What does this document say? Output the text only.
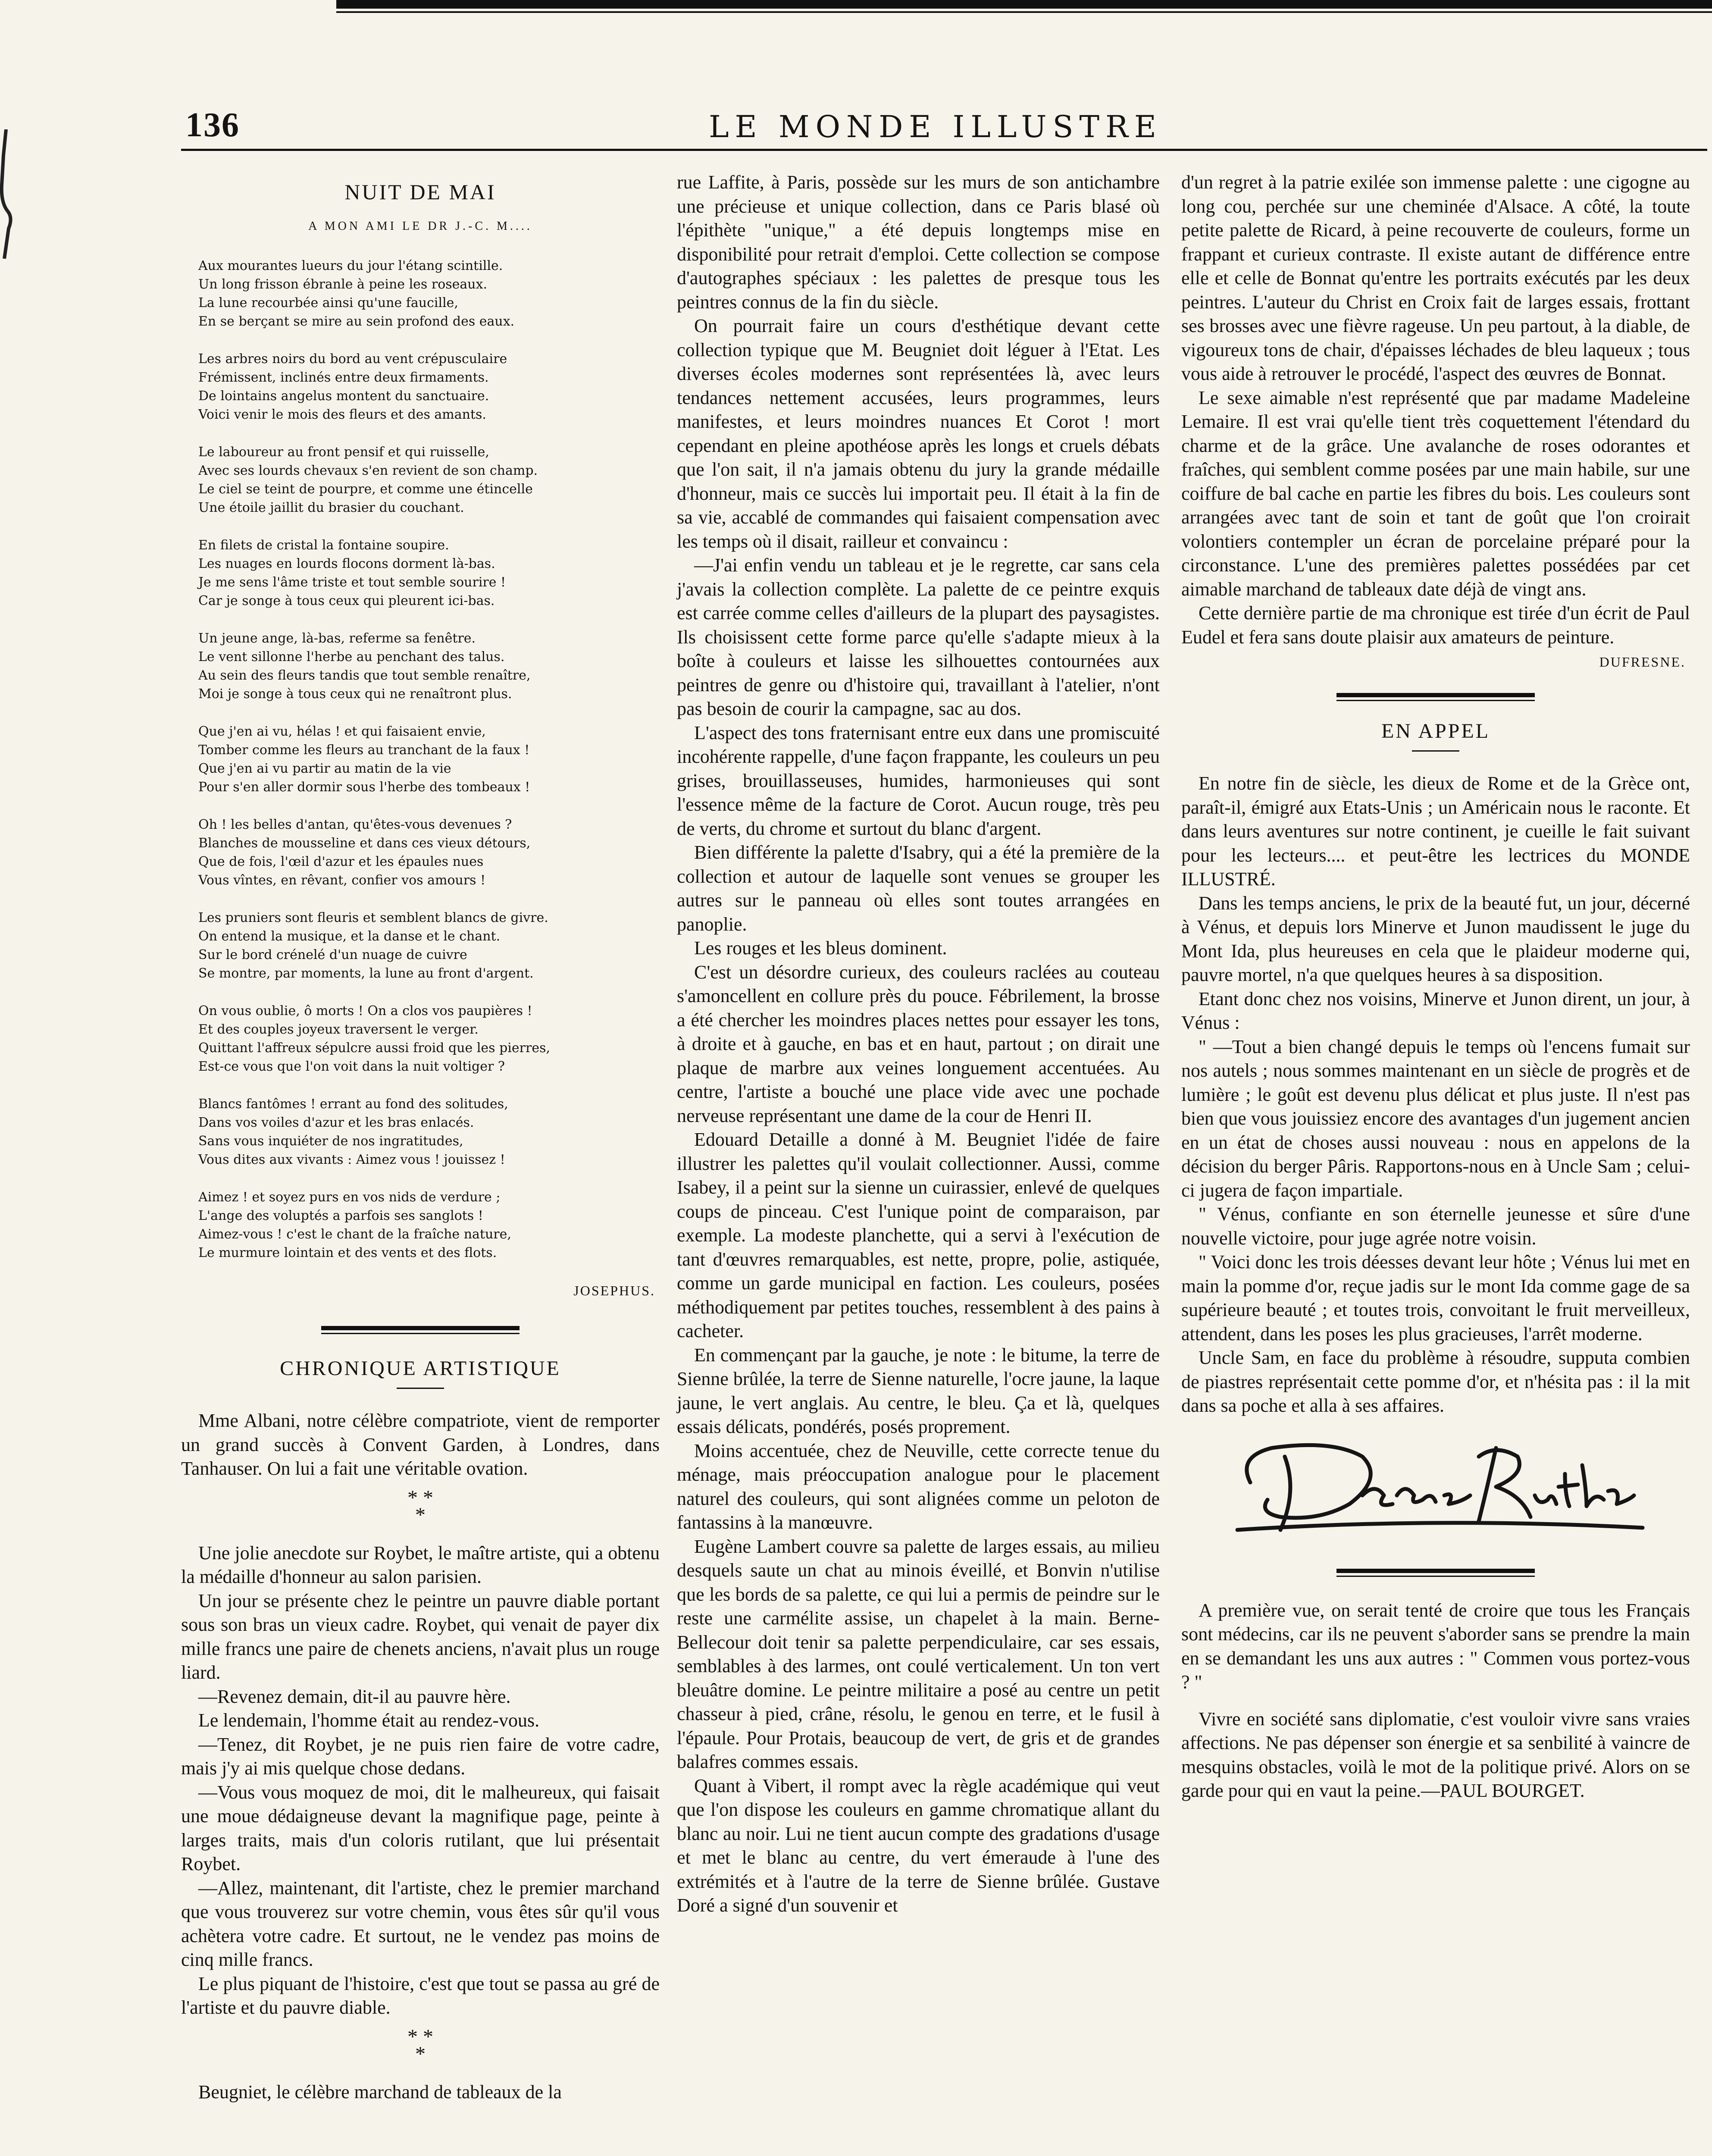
136	LE MONDE ILLUSTRE
NUIT DE MAI
A MON AMI LE DR J.-C. M....
Aux mourantes lueurs du jour l'étang scintille.
Un long frisson ébranle à peine les roseaux.
La lune recourbée ainsi qu'une faucille,
En se berçant se mire au sein profond des eaux.
Les arbres noirs du bord au vent crépusculaire
Frémissent, inclinés entre deux firmaments.
De lointains angelus montent du sanctuaire.
Voici venir le mois des fleurs et des amants.
Le laboureur au front pensif et qui ruisselle,
Avec ses lourds chevaux s'en revient de son champ.
Le ciel se teint de pourpre, et comme une étincelle
Une étoile jaillit du brasier du couchant.
En filets de cristal la fontaine soupire.
Les nuages en lourds flocons dorment là-bas.
Je me sens l'âme triste et tout semble sourire !
Car je songe à tous ceux qui pleurent ici-bas.
Un jeune ange, là-bas, referme sa fenêtre.
Le vent sillonne l'herbe au penchant des talus.
Au sein des fleurs tandis que tout semble renaître,
Moi je songe à tous ceux qui ne renaîtront plus.
Que j'en ai vu, hélas ! et qui faisaient envie,
Tomber comme les fleurs au tranchant de la faux !
Que j'en ai vu partir au matin de la vie
Pour s'en aller dormir sous l'herbe des tombeaux !
Oh ! les belles d'antan, qu'êtes-vous devenues ?
Blanches de mousseline et dans ces vieux détours,
Que de fois, l'œil d'azur et les épaules nues
Vous vîntes, en rêvant, confier vos amours !
Les pruniers sont fleuris et semblent blancs de givre.
On entend la musique, et la danse et le chant.
Sur le bord crénelé d'un nuage de cuivre
Se montre, par moments, la lune au front d'argent.
On vous oublie, ô morts ! On a clos vos paupières !
Et des couples joyeux traversent le verger.
Quittant l'affreux sépulcre aussi froid que les pierres,
Est-ce vous que l'on voit dans la nuit voltiger ?
Blancs fantômes ! errant au fond des solitudes,
Dans vos voiles d'azur et les bras enlacés.
Sans vous inquiéter de nos ingratitudes,
Vous dites aux vivants : Aimez vous ! jouissez !
Aimez ! et soyez purs en vos nids de verdure ;
L'ange des voluptés a parfois ses sanglots !
Aimez-vous ! c'est le chant de la fraîche nature,
Le murmure lointain et des vents et des flots.
JOSEPHUS.
CHRONIQUE ARTISTIQUE

Mme Albani, notre célèbre compatriote, vient de remporter un grand succès à Convent Garden, à Londres, dans Tanhauser. On lui a fait une véritable ovation.

* *
*

Une jolie anecdote sur Roybet, le maître artiste, qui a obtenu la médaille d'honneur au salon parisien.

Un jour se présente chez le peintre un pauvre diable portant sous son bras un vieux cadre. Roybet, qui venait de payer dix mille francs une paire de chenets anciens, n'avait plus un rouge liard.

—Revenez demain, dit-il au pauvre hère.

Le lendemain, l'homme était au rendez-vous.

—Tenez, dit Roybet, je ne puis rien faire de votre cadre, mais j'y ai mis quelque chose dedans.

—Vous vous moquez de moi, dit le malheureux, qui faisait une moue dédaigneuse devant la magnifique page, peinte à larges traits, mais d'un coloris rutilant, que lui présentait Roybet.

—Allez, maintenant, dit l'artiste, chez le premier marchand que vous trouverez sur votre chemin, vous êtes sûr qu'il vous achètera votre cadre. Et surtout, ne le vendez pas moins de cinq mille francs.

Le plus piquant de l'histoire, c'est que tout se passa au gré de l'artiste et du pauvre diable.

* *
*

Beugniet, le célèbre marchand de tableaux de la

rue Laffite, à Paris, possède sur les murs de son antichambre une précieuse et unique collection, dans ce Paris blasé où l'épithète "unique," a été depuis longtemps mise en disponibilité pour retrait d'emploi. Cette collection se compose d'autographes spéciaux : les palettes de presque tous les peintres connus de la fin du siècle.

On pourrait faire un cours d'esthétique devant cette collection typique que M. Beugniet doit léguer à l'Etat. Les diverses écoles modernes sont représentées là, avec leurs tendances nettement accusées, leurs programmes, leurs manifestes, et leurs moindres nuances Et Corot ! mort cependant en pleine apothéose après les longs et cruels débats que l'on sait, il n'a jamais obtenu du jury la grande médaille d'honneur, mais ce succès lui importait peu. Il était à la fin de sa vie, accablé de commandes qui faisaient compensation avec les temps où il disait, railleur et convaincu :

—J'ai enfin vendu un tableau et je le regrette, car sans cela j'avais la collection complète. La palette de ce peintre exquis est carrée comme celles d'ailleurs de la plupart des paysagistes. Ils choisissent cette forme parce qu'elle s'adapte mieux à la boîte à couleurs et laisse les silhouettes contournées aux peintres de genre ou d'histoire qui, travaillant à l'atelier, n'ont pas besoin de courir la campagne, sac au dos.

L'aspect des tons fraternisant entre eux dans une promiscuité incohérente rappelle, d'une façon frappante, les couleurs un peu grises, brouillasseuses, humides, harmonieuses qui sont l'essence même de la facture de Corot. Aucun rouge, très peu de verts, du chrome et surtout du blanc d'argent.

Bien différente la palette d'Isabry, qui a été la première de la collection et autour de laquelle sont venues se grouper les autres sur le panneau où elles sont toutes arrangées en panoplie.

Les rouges et les bleus dominent.

C'est un désordre curieux, des couleurs raclées au couteau s'amoncellent en collure près du pouce. Fébrilement, la brosse a été chercher les moindres places nettes pour essayer les tons, à droite et à gauche, en bas et en haut, partout ; on dirait une plaque de marbre aux veines longuement accentuées. Au centre, l'artiste a bouché une place vide avec une pochade nerveuse représentant une dame de la cour de Henri II.

Edouard Detaille a donné à M. Beugniet l'idée de faire illustrer les palettes qu'il voulait collectionner. Aussi, comme Isabey, il a peint sur la sienne un cuirassier, enlevé de quelques coups de pinceau. C'est l'unique point de comparaison, par exemple. La modeste planchette, qui a servi à l'exécution de tant d'œuvres remarquables, est nette, propre, polie, astiquée, comme un garde municipal en faction. Les couleurs, posées méthodiquement par petites touches, ressemblent à des pains à cacheter.

En commençant par la gauche, je note : le bitume, la terre de Sienne brûlée, la terre de Sienne naturelle, l'ocre jaune, la laque jaune, le vert anglais. Au centre, le bleu. Ça et là, quelques essais délicats, pondérés, posés proprement.

Moins accentuée, chez de Neuville, cette correcte tenue du ménage, mais préoccupation analogue pour le placement naturel des couleurs, qui sont alignées comme un peloton de fantassins à la manœuvre.

Eugène Lambert couvre sa palette de larges essais, au milieu desquels saute un chat au minois éveillé, et Bonvin n'utilise que les bords de sa palette, ce qui lui a permis de peindre sur le reste une carmélite assise, un chapelet à la main. Berne-Bellecour doit tenir sa palette perpendiculaire, car ses essais, semblables à des larmes, ont coulé verticalement. Un ton vert bleuâtre domine. Le peintre militaire a posé au centre un petit chasseur à pied, crâne, résolu, le genou en terre, et le fusil à l'épaule. Pour Protais, beaucoup de vert, de gris et de grandes balafres commes essais.

Quant à Vibert, il rompt avec la règle académique qui veut que l'on dispose les couleurs en gamme chromatique allant du blanc au noir. Lui ne tient aucun compte des gradations d'usage et met le blanc au centre, du vert émeraude à l'une des extrémités et à l'autre de la terre de Sienne brûlée. Gustave Doré a signé d'un souvenir et

d'un regret à la patrie exilée son immense palette : une cigogne au long cou, perchée sur une cheminée d'Alsace. A côté, la toute petite palette de Ricard, à peine recouverte de couleurs, forme un frappant et curieux contraste. Il existe autant de différence entre elle et celle de Bonnat qu'entre les portraits exécutés par les deux peintres. L'auteur du Christ en Croix fait de larges essais, frottant ses brosses avec une fièvre rageuse. Un peu partout, à la diable, de vigoureux tons de chair, d'épaisses léchades de bleu laqueux ; tous vous aide à retrouver le procédé, l'aspect des œuvres de Bonnat.

Le sexe aimable n'est représenté que par madame Madeleine Lemaire. Il est vrai qu'elle tient très coquettement l'étendard du charme et de la grâce. Une avalanche de roses odorantes et fraîches, qui semblent comme posées par une main habile, sur une coiffure de bal cache en partie les fibres du bois. Les couleurs sont arrangées avec tant de soin et tant de goût que l'on croirait volontiers contempler un écran de porcelaine préparé pour la circonstance. L'une des premières palettes possédées par cet aimable marchand de tableaux date déjà de vingt ans.

Cette dernière partie de ma chronique est tirée d'un écrit de Paul Eudel et fera sans doute plaisir aux amateurs de peinture.

DUFRESNE.
EN APPEL

En notre fin de siècle, les dieux de Rome et de la Grèce ont, paraît-il, émigré aux Etats-Unis ; un Américain nous le raconte. Et dans leurs aventures sur notre continent, je cueille le fait suivant pour les lecteurs.... et peut-être les lectrices du MONDE ILLUSTRÉ.

Dans les temps anciens, le prix de la beauté fut, un jour, décerné à Vénus, et depuis lors Minerve et Junon maudissent le juge du Mont Ida, plus heureuses en cela que le plaideur moderne qui, pauvre mortel, n'a que quelques heures à sa disposition.

Etant donc chez nos voisins, Minerve et Junon dirent, un jour, à Vénus :

" —Tout a bien changé depuis le temps où l'encens fumait sur nos autels ; nous sommes maintenant en un siècle de progrès et de lumière ; le goût est devenu plus délicat et plus juste. Il n'est pas bien que vous jouissiez encore des avantages d'un jugement ancien en un état de choses aussi nouveau : nous en appelons de la décision du berger Pâris. Rapportons-nous en à Uncle Sam ; celui-ci jugera de façon impartiale.

" Vénus, confiante en son éternelle jeunesse et sûre d'une nouvelle victoire, pour juge agrée notre voisin.

" Voici donc les trois déesses devant leur hôte ; Vénus lui met en main la pomme d'or, reçue jadis sur le mont Ida comme gage de sa supérieure beauté ; et toutes trois, convoitant le fruit merveilleux, attendent, dans les poses les plus gracieuses, l'arrêt moderne.

Uncle Sam, en face du problème à résoudre, supputa combien de piastres représentait cette pomme d'or, et n'hésita pas : il la mit dans sa poche et alla à ses affaires.

A première vue, on serait tenté de croire que tous les Français sont médecins, car ils ne peuvent s'aborder sans se prendre la main en se demandant les uns aux autres : " Commen vous portez-vous ? "

Vivre en société sans diplomatie, c'est vouloir vivre sans vraies affections. Ne pas dépenser son énergie et sa senbilité à vaincre de mesquins obstacles, voilà le mot de la politique privé. Alors on se garde pour qui en vaut la peine.—PAUL BOURGET.
